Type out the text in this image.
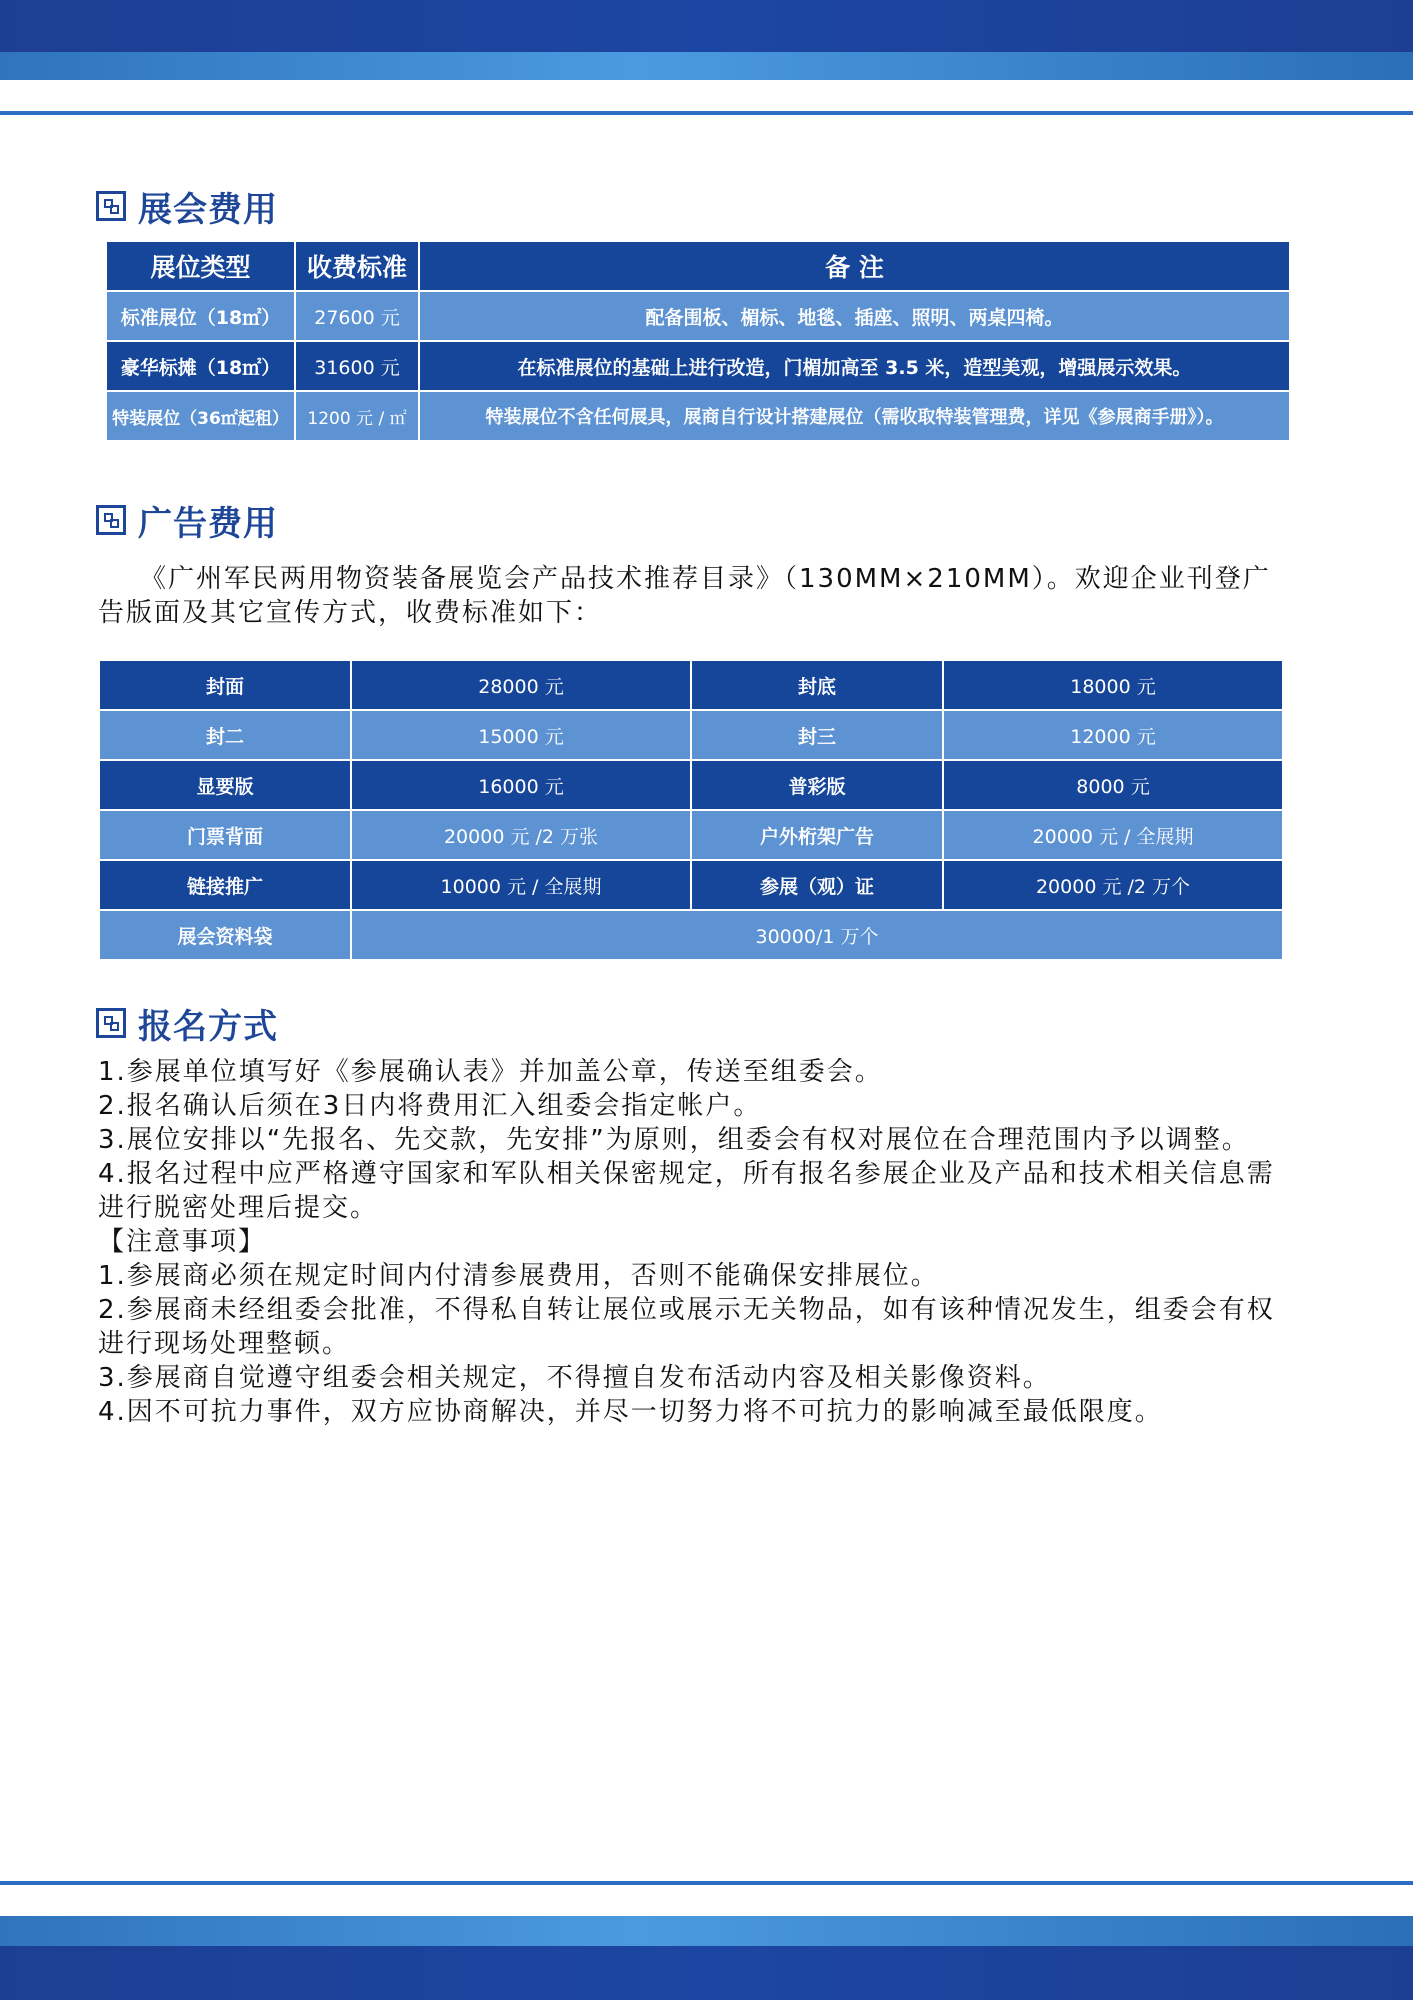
展会费用
展位类型	收费标准	备 注
标准展位（18㎡）	27600 元	配备围板、楣标、地毯、插座、照明、两桌四椅。
豪华标摊（18㎡）	31600 元	在标准展位的基础上进行改造，门楣加高至 3.5 米，造型美观，增强展示效果。
特装展位（36㎡起租）	1200 元 / ㎡	特装展位不含任何展具，展商自行设计搭建展位（需收取特装管理费，详见《参展商手册》）。
广告费用

《广州军民两用物资装备展览会产品技术推荐目录》（130MM×210MM）。欢迎企业刊登广告版面及其它宣传方式，收费标准如下：

封面	28000 元	封底	18000 元
封二	15000 元	封三	12000 元
显要版	16000 元	普彩版	8000 元
门票背面	20000 元 /2 万张	户外桁架广告	20000 元 / 全展期
链接推广	10000 元 / 全展期	参展（观）证	20000 元 /2 万个
展会资料袋	30000/1 万个		
报名方式
1.参展单位填写好《参展确认表》并加盖公章，传送至组委会。
2.报名确认后须在3日内将费用汇入组委会指定帐户。
3.展位安排以“先报名、先交款，先安排”为原则，组委会有权对展位在合理范围内予以调整。
4.报名过程中应严格遵守国家和军队相关保密规定，所有报名参展企业及产品和技术相关信息需进行脱密处理后提交。
【注意事项】
1.参展商必须在规定时间内付清参展费用，否则不能确保安排展位。
2.参展商未经组委会批准，不得私自转让展位或展示无关物品，如有该种情况发生，组委会有权进行现场处理整顿。
3.参展商自觉遵守组委会相关规定，不得擅自发布活动内容及相关影像资料。
4.因不可抗力事件，双方应协商解决，并尽一切努力将不可抗力的影响减至最低限度。
